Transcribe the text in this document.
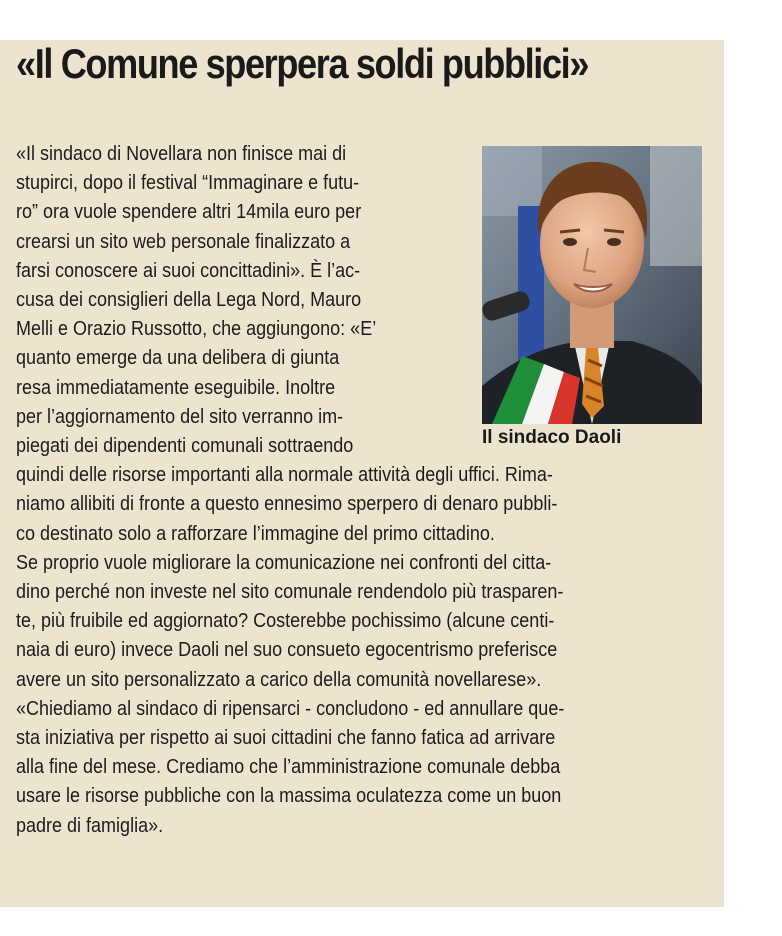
«Il Comune sperpera soldi pubblici»

Il sindaco Daoli

«Il sindaco di Novellara non finisce mai di
stupirci, dopo il festival “Immaginare e futu-
ro” ora vuole spendere altri 14mila euro per
crearsi un sito web personale finalizzato a
farsi conoscere ai suoi concittadini». È l’ac-
cusa dei consiglieri della Lega Nord, Mauro
Melli e Orazio Russotto, che aggiungono: «E’
quanto emerge da una delibera di giunta
resa immediatamente eseguibile. Inoltre
per l’aggiornamento del sito verranno im-
piegati dei dipendenti comunali sottraendo
quindi delle risorse importanti alla normale attività degli uffici. Rima-
niamo allibiti di fronte a questo ennesimo sperpero di denaro pubbli-
co destinato solo a rafforzare l’immagine del primo cittadino.
Se proprio vuole migliorare la comunicazione nei confronti del citta-
dino perché non investe nel sito comunale rendendolo più trasparen-
te, più fruibile ed aggiornato? Costerebbe pochissimo (alcune centi-
naia di euro) invece Daoli nel suo consueto egocentrismo preferisce
avere un sito personalizzato a carico della comunità novellarese».
«Chiediamo al sindaco di ripensarci - concludono - ed annullare que-
sta iniziativa per rispetto ai suoi cittadini che fanno fatica ad arrivare
alla fine del mese. Crediamo che l’amministrazione comunale debba
usare le risorse pubbliche con la massima oculatezza come un buon
padre di famiglia».
